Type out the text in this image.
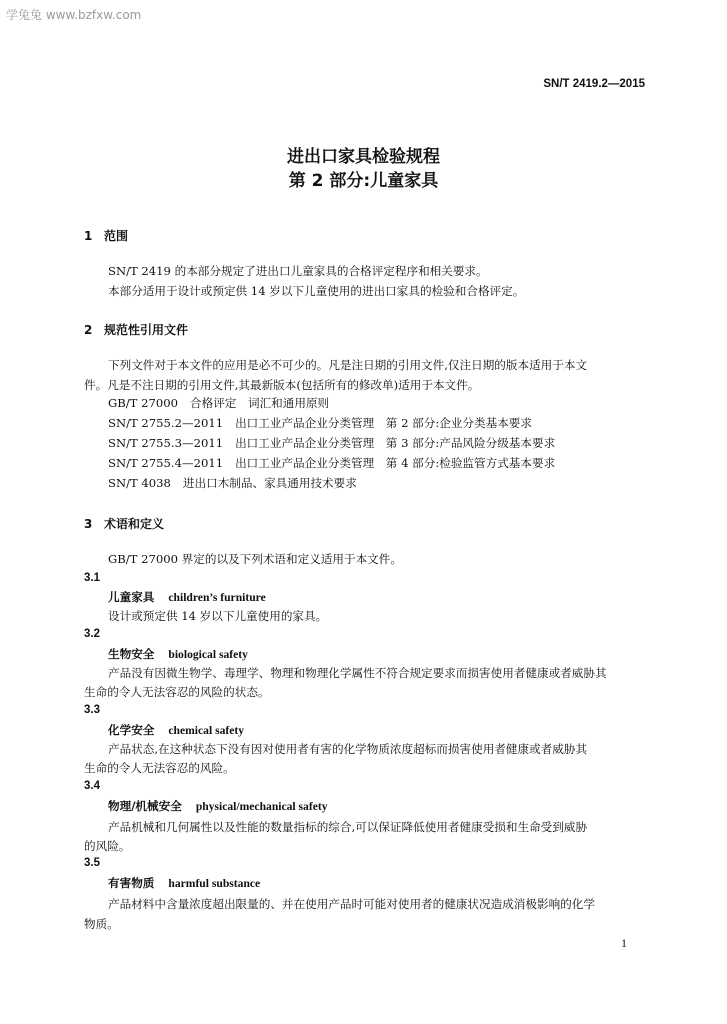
学兔兔 www.bzfxw.com
SN/T 2419.2—2015
进出口家具检验规程
第 2 部分:儿童家具
1 范围
SN/T 2419 的本部分规定了进出口儿童家具的合格评定程序和相关要求。
本部分适用于设计或预定供 14 岁以下儿童使用的进出口家具的检验和合格评定。
2 规范性引用文件
下列文件对于本文件的应用是必不可少的。凡是注日期的引用文件,仅注日期的版本适用于本文
件。凡是不注日期的引用文件,其最新版本(包括所有的修改单)适用于本文件。
GB/T 27000 合格评定　词汇和通用原则
SN/T 2755.2—2011 出口工业产品企业分类管理　第 2 部分:企业分类基本要求
SN/T 2755.3—2011 出口工业产品企业分类管理　第 3 部分:产品风险分级基本要求
SN/T 2755.4—2011 出口工业产品企业分类管理　第 4 部分:检验监管方式基本要求
SN/T 4038 进出口木制品、家具通用技术要求
3 术语和定义
GB/T 27000 界定的以及下列术语和定义适用于本文件。
3.1
儿童家具 children’s furniture
设计或预定供 14 岁以下儿童使用的家具。
3.2
生物安全 biological safety
产品没有因微生物学、毒理学、物理和物理化学属性不符合规定要求而损害使用者健康或者威胁其
生命的令人无法容忍的风险的状态。
3.3
化学安全 chemical safety
产品状态,在这种状态下没有因对使用者有害的化学物质浓度超标而损害使用者健康或者威胁其
生命的令人无法容忍的风险。
3.4
物理/机械安全 physical/mechanical safety
产品机械和几何属性以及性能的数量指标的综合,可以保证降低使用者健康受损和生命受到威胁
的风险。
3.5
有害物质 harmful substance
产品材料中含量浓度超出限量的、并在使用产品时可能对使用者的健康状况造成消极影响的化学
物质。
1
